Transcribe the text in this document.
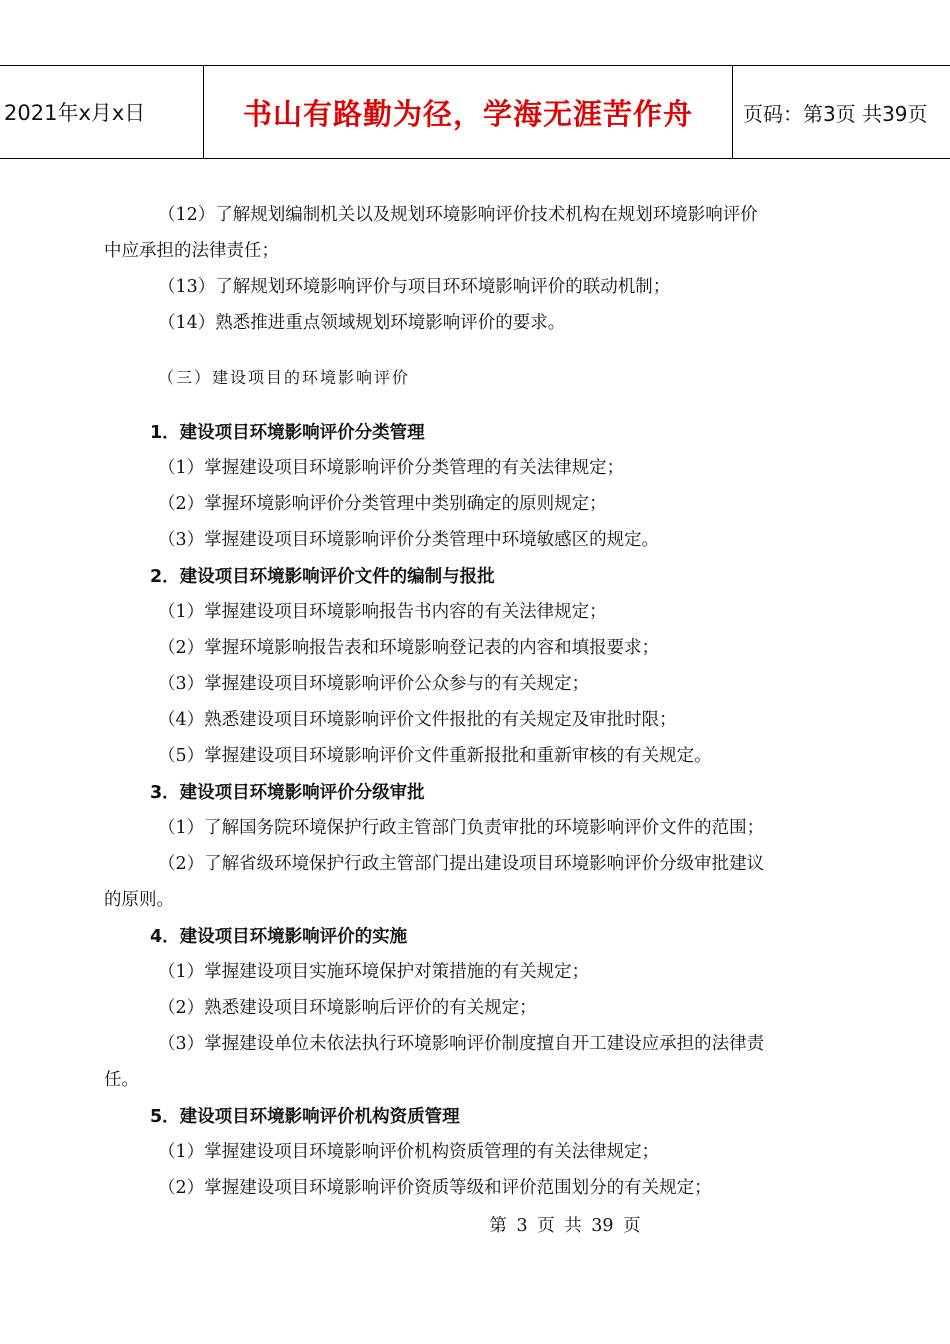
2021年x月x日	书山有路勤为径，学海无涯苦作舟	页码：第3页 共39页
（12）了解规划编制机关以及规划环境影响评价技术机构在规划环境影响评价
中应承担的法律责任；
（13）了解规划环境影响评价与项目环环境影响评价的联动机制；
（14）熟悉推进重点领域规划环境影响评价的要求。
（三）建设项目的环境影响评价
1．建设项目环境影响评价分类管理
（1）掌握建设项目环境影响评价分类管理的有关法律规定；
（2）掌握环境影响评价分类管理中类别确定的原则规定；
（3）掌握建设项目环境影响评价分类管理中环境敏感区的规定。
2．建设项目环境影响评价文件的编制与报批
（1）掌握建设项目环境影响报告书内容的有关法律规定；
（2）掌握环境影响报告表和环境影响登记表的内容和填报要求；
（3）掌握建设项目环境影响评价公众参与的有关规定；
（4）熟悉建设项目环境影响评价文件报批的有关规定及审批时限；
（5）掌握建设项目环境影响评价文件重新报批和重新审核的有关规定。
3．建设项目环境影响评价分级审批
（1）了解国务院环境保护行政主管部门负责审批的环境影响评价文件的范围；
（2）了解省级环境保护行政主管部门提出建设项目环境影响评价分级审批建议
的原则。
4．建设项目环境影响评价的实施
（1）掌握建设项目实施环境保护对策措施的有关规定；
（2）熟悉建设项目环境影响后评价的有关规定；
（3）掌握建设单位未依法执行环境影响评价制度擅自开工建设应承担的法律责
任。
5．建设项目环境影响评价机构资质管理
（1）掌握建设项目环境影响评价机构资质管理的有关法律规定；
（2）掌握建设项目环境影响评价资质等级和评价范围划分的有关规定；
第 3 页 共 39 页
